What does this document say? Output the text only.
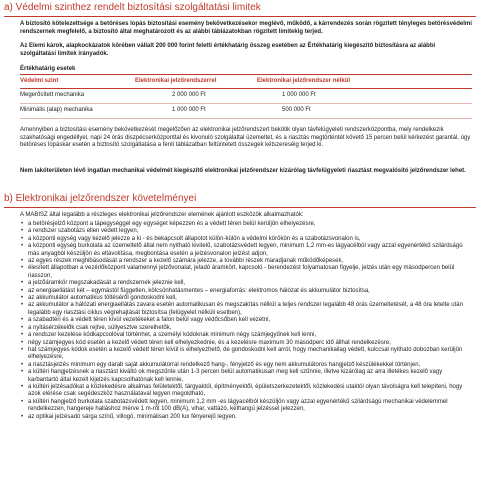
a) Védelmi szinthez rendelt biztosítási szolgáltatási limitek
A biztosító kötelezettsége a betöréses lopás biztosítási esemény bekövetkezésekor meglévő, működő, a kárrendezés során rögzített tényleges betörésvédelmi rendszernek megfelelő, a biztosító által meghatározott és az alábbi táblázatokban rögzített limitekig terjed.
Az Elemi károk, alapkockázatok körében vállalt 200 000 forint feletti értékhatárig összeg esetében az Értékhatárig kiegészítő biztosításra az alábbi szolgáltatási limitek irányadók.
Értékhatárig esetek
Védelmi szint	Elektronikai jelzőrendszerrel	Elektronikai jelzőrendszer nélkül
Megerősített mechanika	2 000 000 Ft	1 000 000 Ft
Minimális (alap) mechanika	1 000 000 Ft	500 000 Ft
Amennyiben a biztosítási esemény bekövetkezését megelőzően az elektronikai jelzőrendszert bekötik olyan távfelügyeleti rendszerközpontba, mely rendelkezik szakhatósági engedéllyel, napi 24 órás diszpécserközponttal és kivonuló szolgálattal üzemeltet, és a riasztás megtörténtét követő 15 percen belül kérkezést garantál, úgy betöréses lopáskár esetén a biztosító szolgáltatása a fenti táblázatban feltüntetett összegek kétszereséig terjed ki.
Nem lakóterületen lévő ingatlan mechanikai védelmét kiegészítő elektronikai jelzőrendszer kizárólag távfelügyeleti riasztást megvalósító jelzőrendszer lehet.
b) Elektronikai jelzőrendszer követelményei
A MABISZ által legalább a részleges elektronikai jelzőrendszer elemének ajánlott eszközök alkalmazhatók:
• a betörésjelző központ a tápegységgel egy egységet képezzen és a védett téren belül kerüljön elhelyezésre,
• a rendszer szabotázs ellen védett legyen,
• a központi egység vagy kezelő jelezze a ki - és bekapcsolt állapotot külön-külön a védelmi körökön és a szabotázsvonalon is,
• a központi egység burkolata az üzemeltető által nem nyitható kivitelű, szabotázsvédett legyen, minimum 1,2 mm-es lágyacélból vagy azzal egyenértékű szilárdságú más anyagból készüljön és eltávolítása, megbontása esetén a jelzésvonalon jelzést adjon,
• az egyes részek meghibásodását a rendszer a kezelő számára jelezze, a további részek maradjanak működőképesek,
• élesített állapotban a vezérlőközpont valamennyi jelzővonalat, jeladó áramkört, kapcsoló - berendezést folyamatosan figyelje, jelzés után egy másodpercen belül riasszon,
• a jelzőáramkör megszakadását a rendszernek jeleznie kell,
• az energiaellátást két – egymástól független, kölcsönhatásmentes – energiaforrás: elektromos hálózat és akkumulátor biztosítsa,
• az akkumulátor automatikus töltéséről gondoskodni kell,
• az akkumulátor a hálózati energiaellátás zavara esetén automatikusan és megszakítás nélkül a teljes rendszer legalább 48 órás üzemeltetését, a 48 óra letelte után legalább egy riasztási ciklus végrehajtását biztosítsa (felügyelet nélküli esetben),
• a szabadtéri és a védett téren kívül vezetékeket a falon belül vagy védőcsőben kell vezetni,
• a nyitásérzékelők csak rejtve, süllyesztve szerelhetők,
• a rendszer kezelése kódkapcsolóval történhet, a személyi kódoknak minimum négy számjegyűnek kell lenni,
• négy számjegyes kód esetén a kezelő védett téren kell elhelyezkednie, és a kezelésre maximum 30 másodperc idő állhat rendelkezésre,
• hat számjegyes kódok esetén a kezelő védett téren kívül is elhelyezhető, de gondoskodni kell arról, hogy mechanikailag védett, kulccsal nyitható dobozban kerüljön elhelyezésre,
• a riasztásjelzés minimum egy darab saját akkumulátorral rendelkező hang-, fényjelző és egy nem akkumulátoros hangjelző készülékekkel történjen,
• a kültéri hangjelzésnek a riasztást kiváltó ok megszűnte után 1-3 percen belül automatikusan meg kell szűnnie, illetve kizárólag az arra illetékes kezelő vagy karbantartó által kezelt kijelzés kapcsolhatónak kell lennie,
• a kültéri jelzésadókat a közlekedésre alkalmas felületektől, tárgyaktól, építményektől, épületszerkezetektől, közlekedési utaktól olyan távolságra kell telepíteni, hogy azok elérése csak segédeszköz használatával legyen megoldható,
• a kültéri hangjelző burkolata szabotázsvédett legyen, minimum 1,2 mm -es lágyacélból készüljön vagy azzal egyenértékű szilárdságú mechanikai védelemmel rendelkezzen, hangereje halláshoz mérve 1 m-ről 100 dB(A), vihar, vattázó, kéthangú jelzéssel jelezzen,
• az optikai jelzésadó sárga színű, villogó, minimálisan 200 lux fényerejű legyen.
